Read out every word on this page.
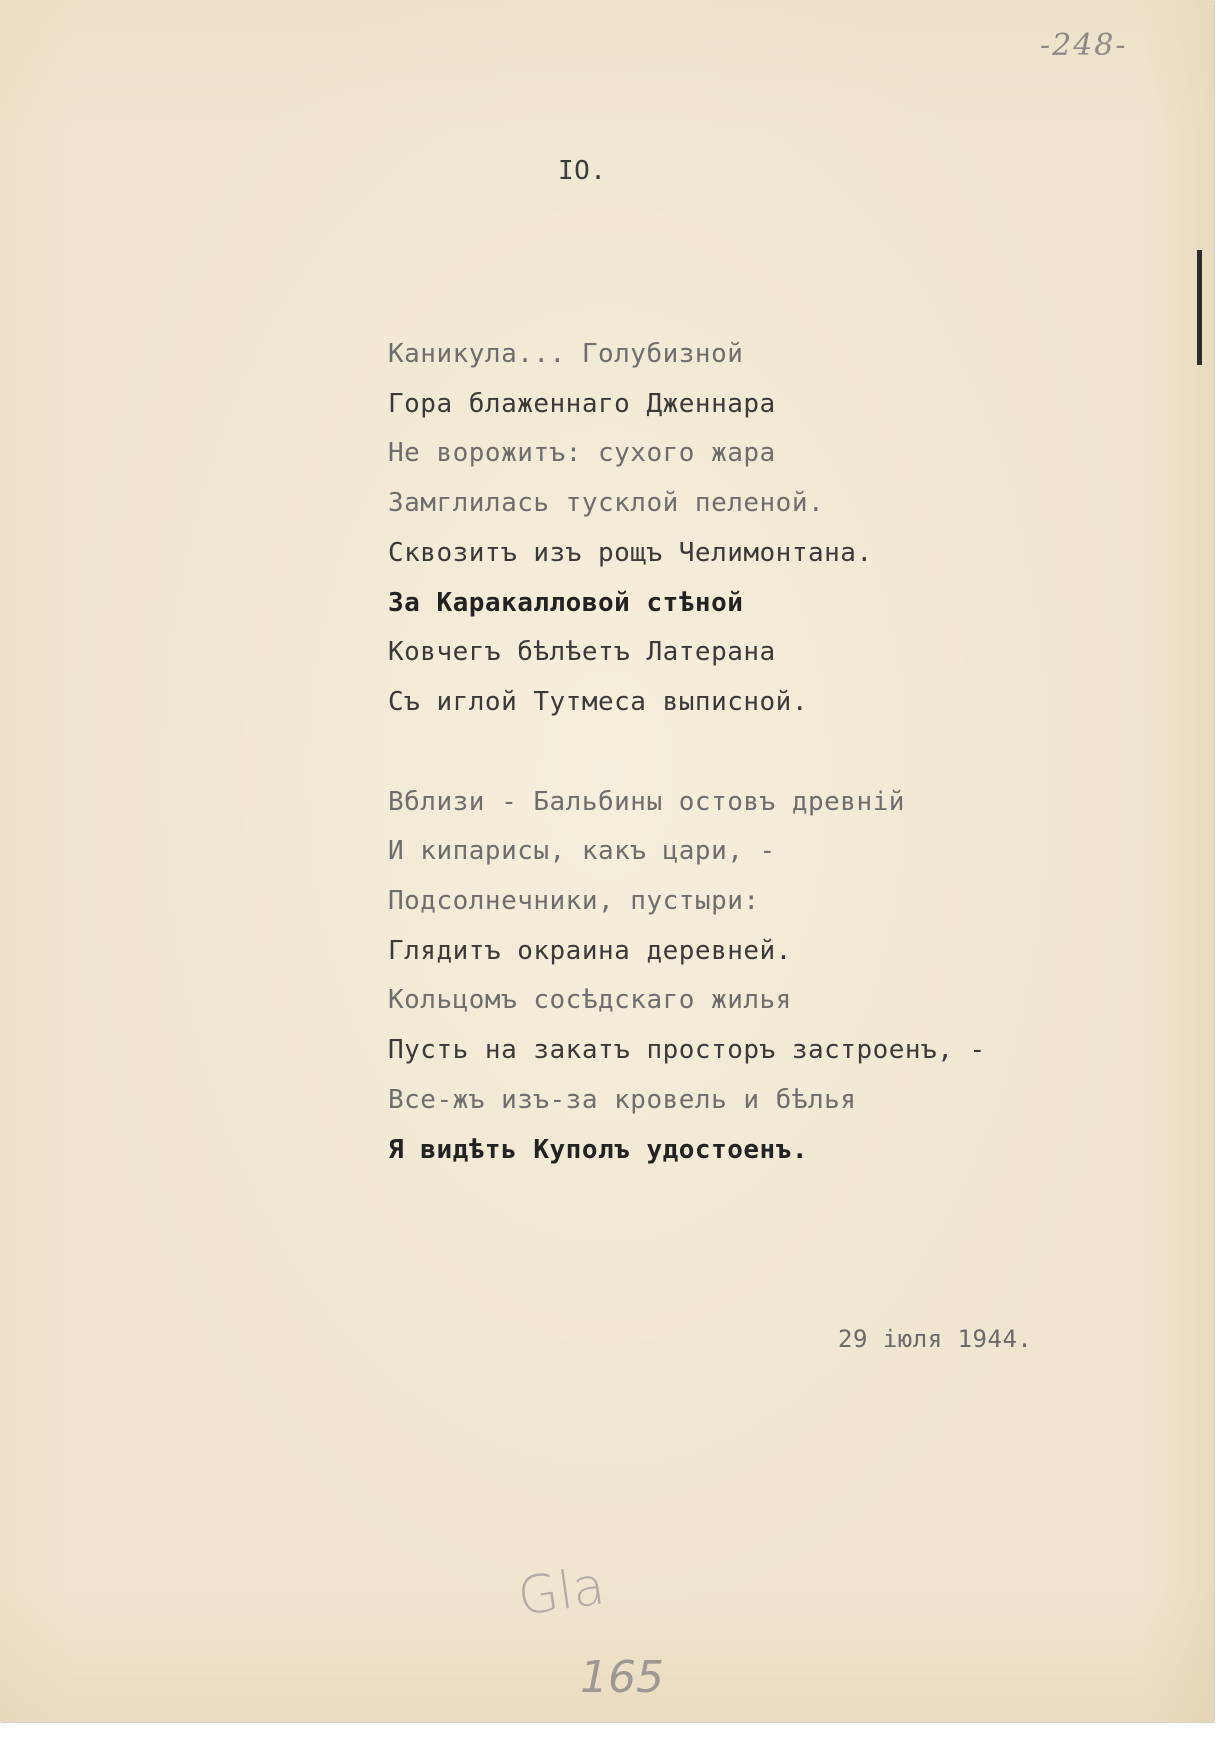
-248-
IO.
Каникула... Голубизной
Гора блаженнаго Дженнара
Не ворожитъ: сухого жара
Замглилась тусклой пеленой.
Сквозитъ изъ рощъ Челимонтана.
За Каракалловой стѣной
Ковчегъ бѣлѣетъ Латерана
Съ иглой Тутмеса выписной.
Вблизи - Бальбины остовъ древній
И кипарисы, какъ цари, -
Подсолнечники, пустыри:
Глядитъ окраина деревней.
Кольцомъ сосѣдскаго жилья
Пусть на закатъ просторъ застроенъ, -
Все-жъ изъ-за кровель и бѣлья
Я видѣть Куполъ удостоенъ.
29 іюля 1944.
Gla
165
